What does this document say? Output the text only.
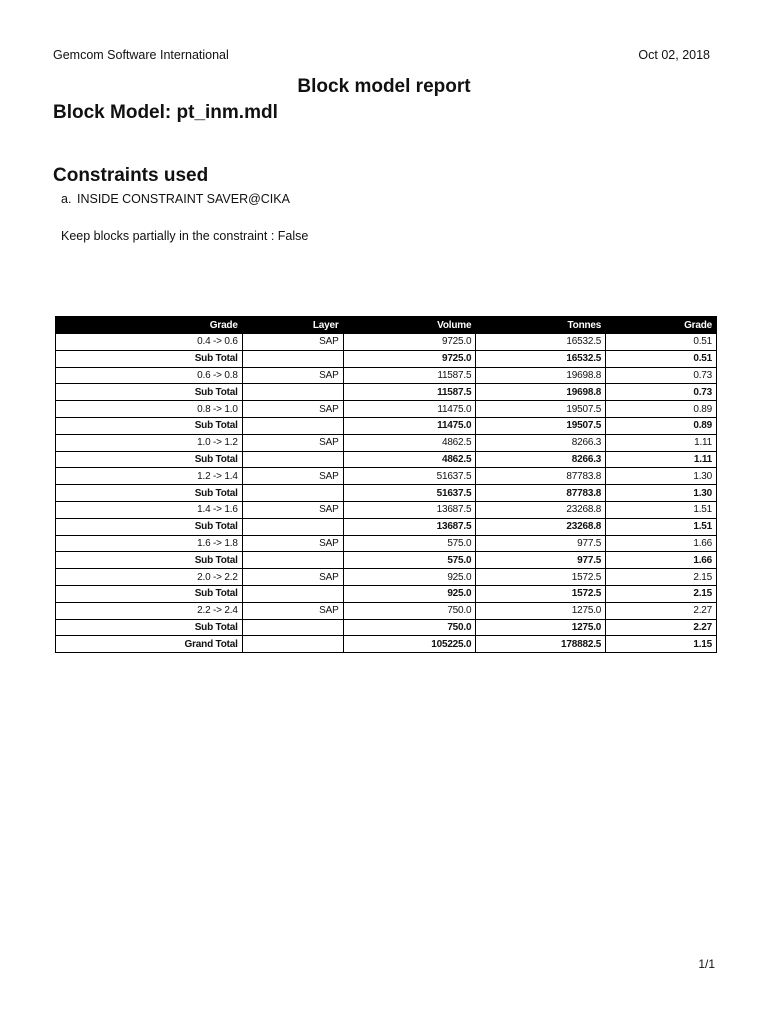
Gemcom Software International	Oct 02, 2018
Block model report
Block Model: pt_inm.mdl
Constraints used
a. INSIDE CONSTRAINT SAVER@CIKA
Keep blocks partially in the constraint : False
Grade	Layer	Volume	Tonnes	Grade
0.4 -> 0.6	SAP	9725.0	16532.5	0.51
Sub Total		9725.0	16532.5	0.51
0.6 -> 0.8	SAP	11587.5	19698.8	0.73
Sub Total		11587.5	19698.8	0.73
0.8 -> 1.0	SAP	11475.0	19507.5	0.89
Sub Total		11475.0	19507.5	0.89
1.0 -> 1.2	SAP	4862.5	8266.3	1.11
Sub Total		4862.5	8266.3	1.11
1.2 -> 1.4	SAP	51637.5	87783.8	1.30
Sub Total		51637.5	87783.8	1.30
1.4 -> 1.6	SAP	13687.5	23268.8	1.51
Sub Total		13687.5	23268.8	1.51
1.6 -> 1.8	SAP	575.0	977.5	1.66
Sub Total		575.0	977.5	1.66
2.0 -> 2.2	SAP	925.0	1572.5	2.15
Sub Total		925.0	1572.5	2.15
2.2 -> 2.4	SAP	750.0	1275.0	2.27
Sub Total		750.0	1275.0	2.27
Grand Total		105225.0	178882.5	1.15
1/1
